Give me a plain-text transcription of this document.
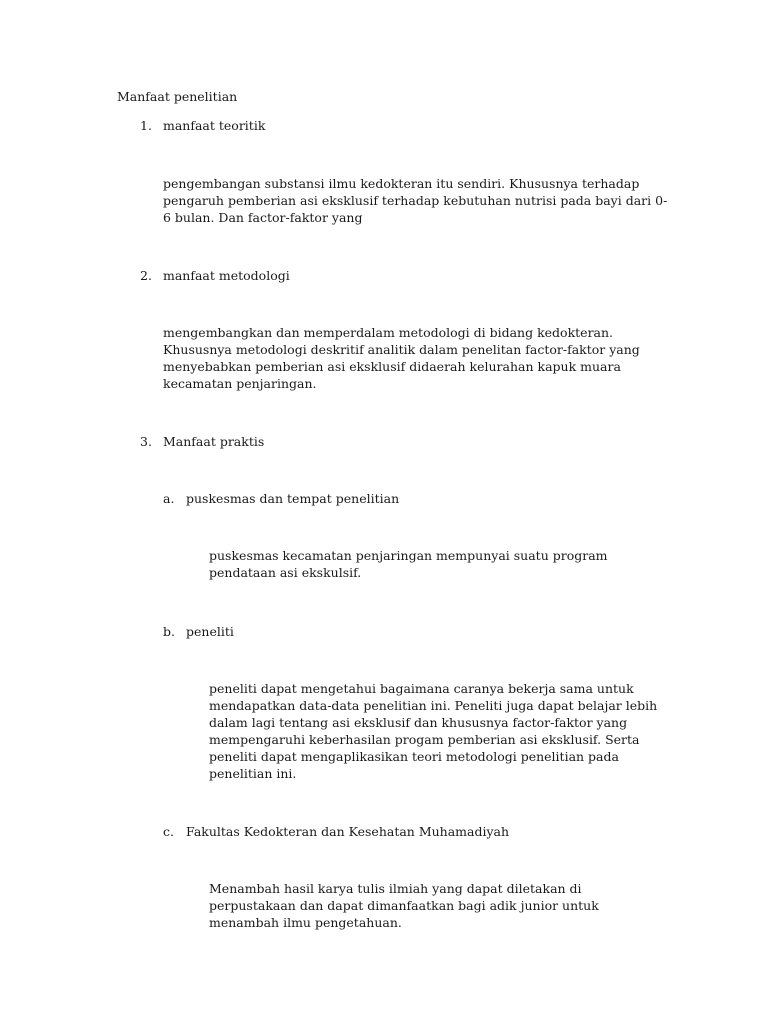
Manfaat penelitian
1. manfaat teoritik
pengembangan substansi ilmu kedokteran itu sendiri. Khususnya terhadap
pengaruh pemberian asi eksklusif terhadap kebutuhan nutrisi pada bayi dari 0-
6 bulan. Dan factor-faktor yang
2. manfaat metodologi
mengembangkan dan memperdalam metodologi di bidang kedokteran.
Khususnya metodologi deskritif analitik dalam penelitan factor-faktor yang
menyebabkan pemberian asi eksklusif didaerah kelurahan kapuk muara
kecamatan penjaringan.
3. Manfaat praktis
a. puskesmas dan tempat penelitian
puskesmas kecamatan penjaringan mempunyai suatu program
pendataan asi ekskulsif.
b. peneliti
peneliti dapat mengetahui bagaimana caranya bekerja sama untuk
mendapatkan data-data penelitian ini. Peneliti juga dapat belajar lebih
dalam lagi tentang asi eksklusif dan khususnya factor-faktor yang
mempengaruhi keberhasilan progam pemberian asi eksklusif. Serta
peneliti dapat mengaplikasikan teori metodologi penelitian pada
penelitian ini.
c. Fakultas Kedokteran dan Kesehatan Muhamadiyah
Menambah hasil karya tulis ilmiah yang dapat diletakan di
perpustakaan dan dapat dimanfaatkan bagi adik junior untuk
menambah ilmu pengetahuan.
